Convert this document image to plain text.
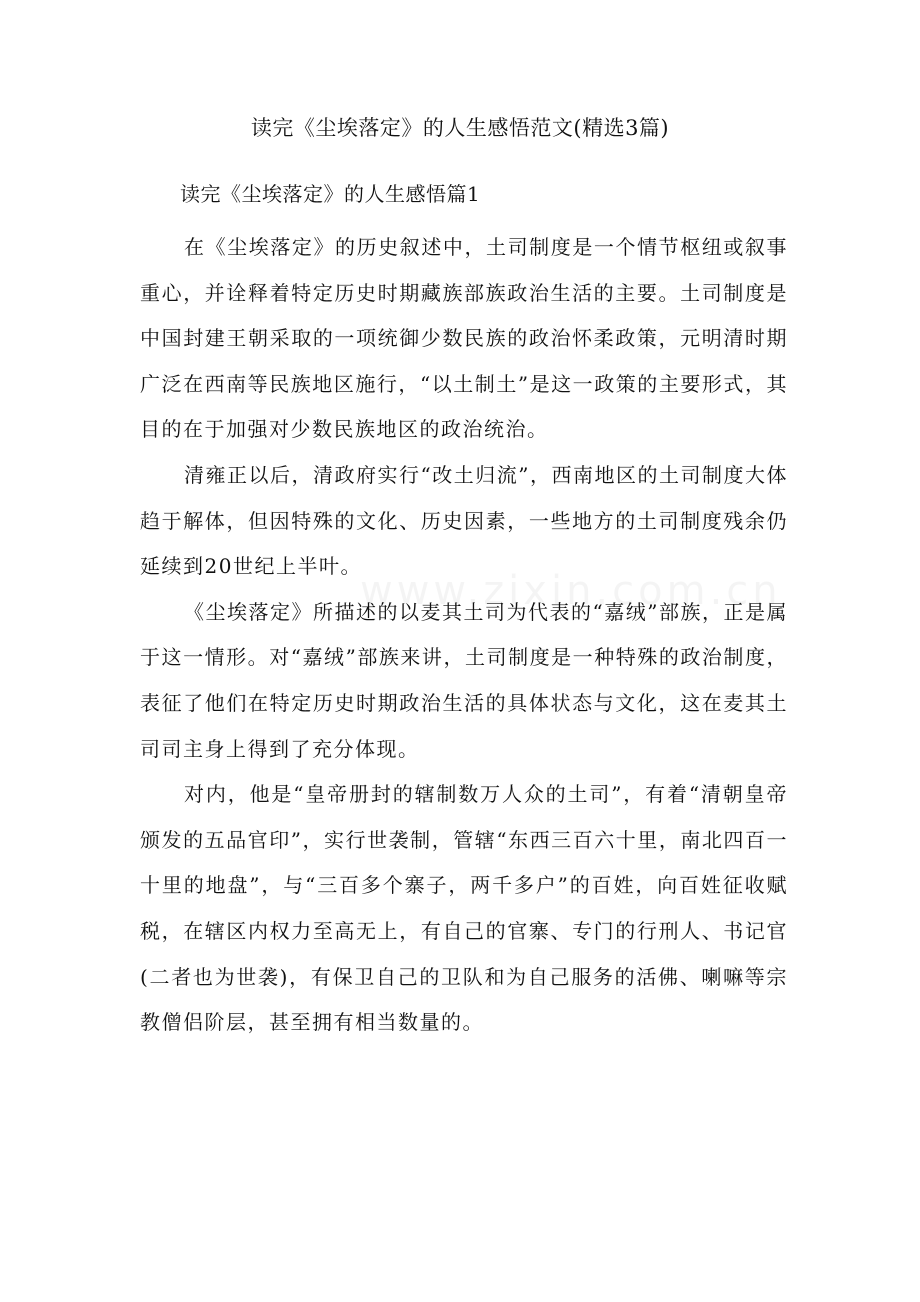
读完《尘埃落定》的人生感悟范文(精选3篇)

读完《尘埃落定》的人生感悟篇1

在《尘埃落定》的历史叙述中，土司制度是一个情节枢纽或叙事重心，并诠释着特定历史时期藏族部族政治生活的主要。土司制度是中国封建王朝采取的一项统御少数民族的政治怀柔政策，元明清时期广泛在西南等民族地区施行，“以土制土”是这一政策的主要形式，其目的在于加强对少数民族地区的政治统治。

清雍正以后，清政府实行“改土归流”，西南地区的土司制度大体趋于解体，但因特殊的文化、历史因素，一些地方的土司制度残余仍延续到20世纪上半叶。

《尘埃落定》所描述的以麦其土司为代表的“嘉绒”部族，正是属于这一情形。对“嘉绒”部族来讲，土司制度是一种特殊的政治制度，表征了他们在特定历史时期政治生活的具体状态与文化，这在麦其土司司主身上得到了充分体现。

对内，他是“皇帝册封的辖制数万人众的土司”，有着“清朝皇帝颁发的五品官印”，实行世袭制，管辖“东西三百六十里，南北四百一十里的地盘”，与“三百多个寨子，两千多户”的百姓，向百姓征收赋税，在辖区内权力至高无上，有自己的官寨、专门的行刑人、书记官(二者也为世袭)，有保卫自己的卫队和为自己服务的活佛、喇嘛等宗教僧侣阶层，甚至拥有相当数量的。
